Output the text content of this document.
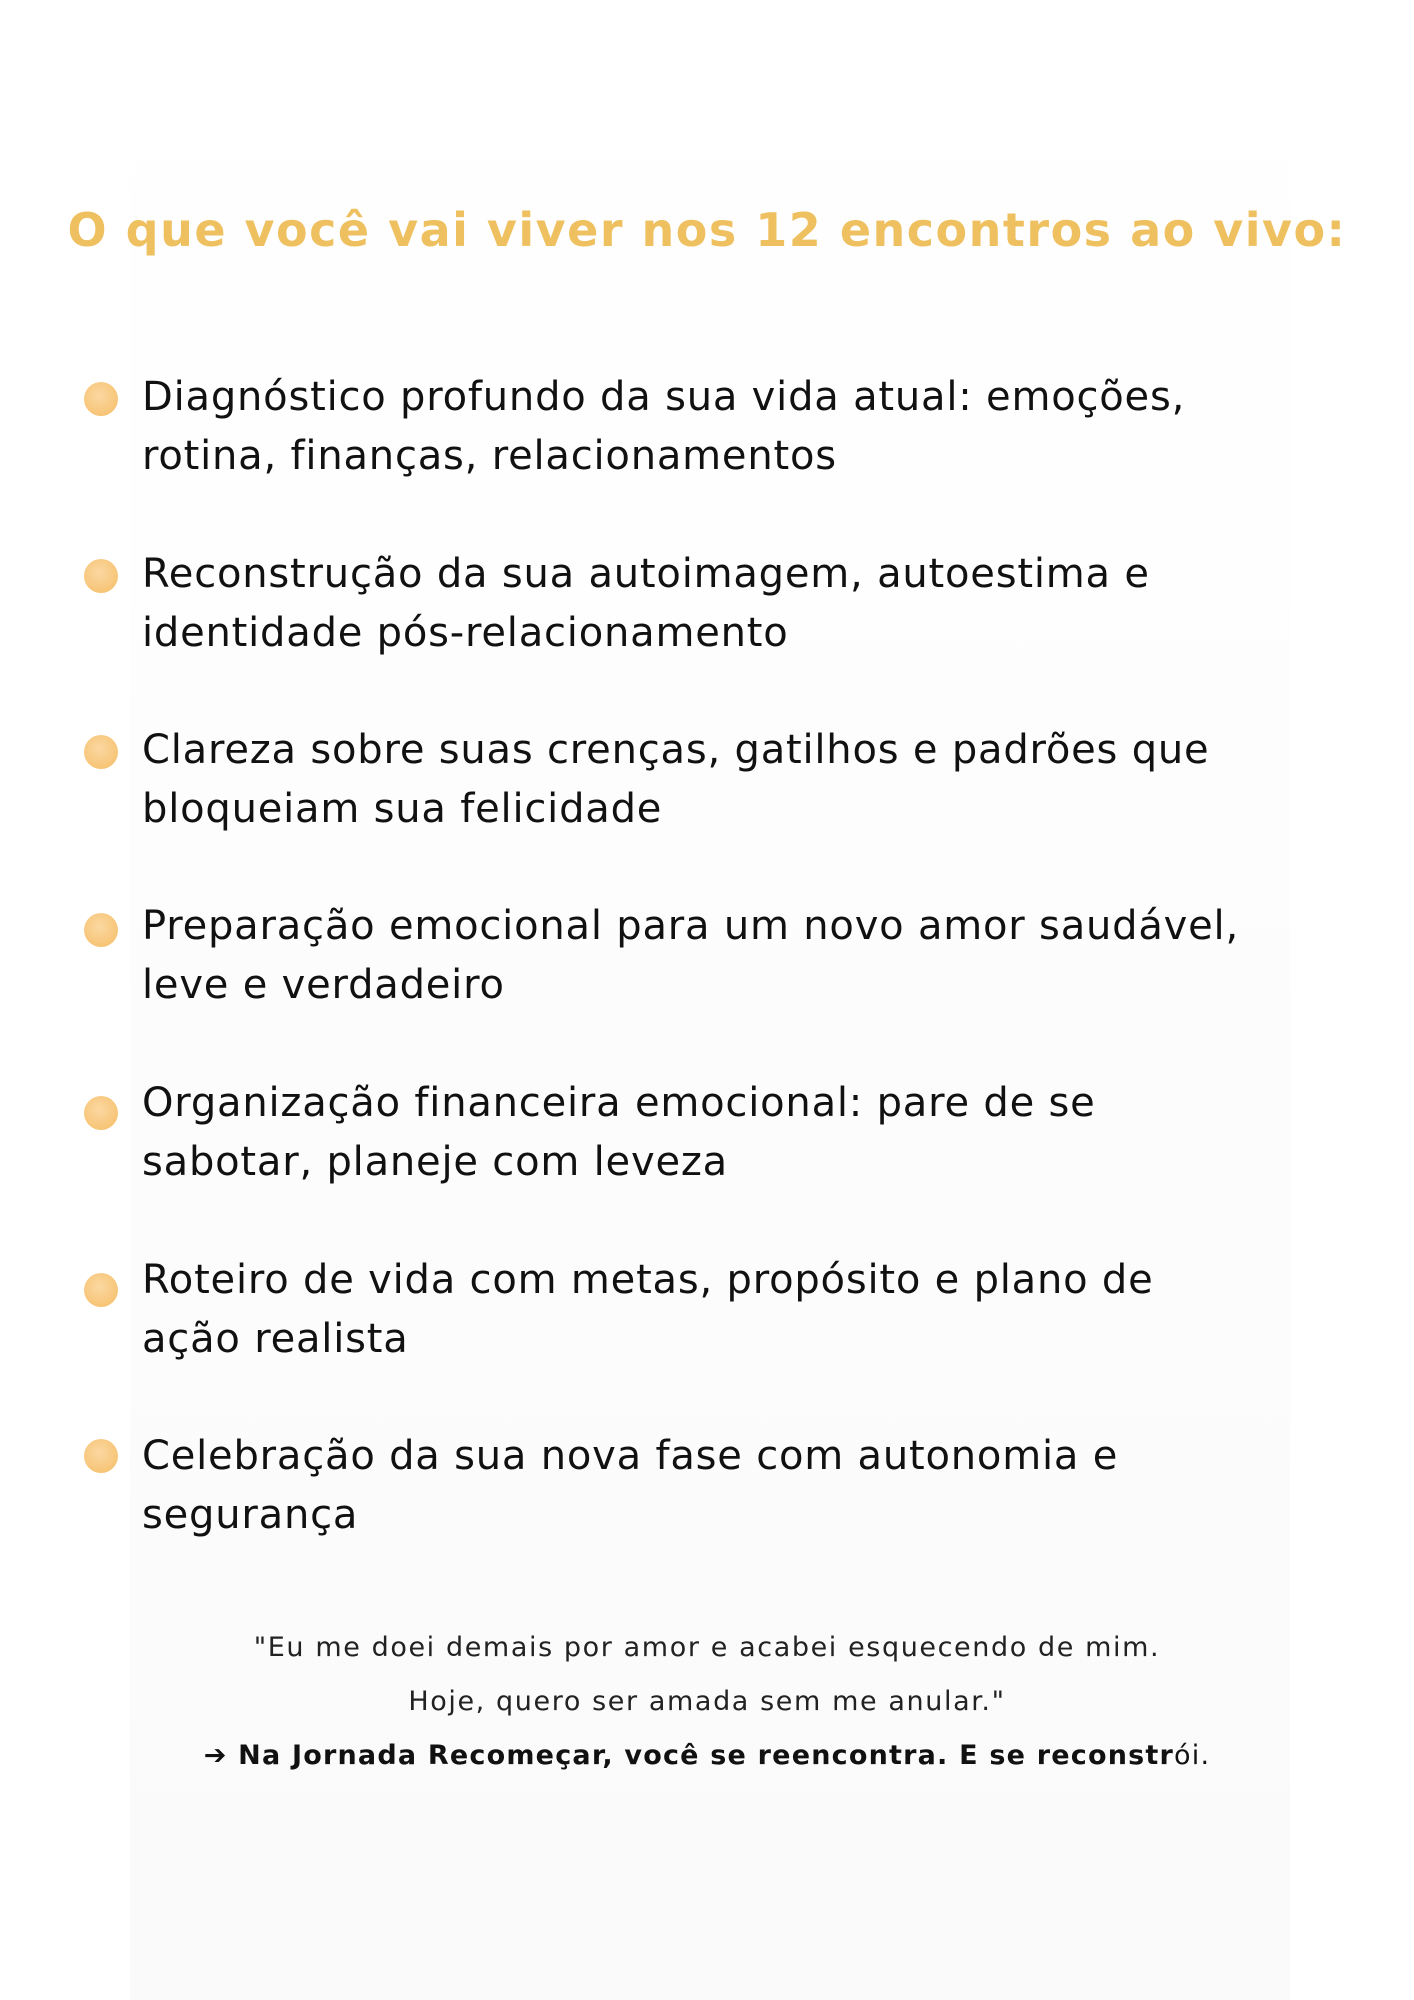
O que você vai viver nos 12 encontros ao vivo:
Diagnóstico profundo da sua vida atual: emoções,
rotina, finanças, relacionamentos
Reconstrução da sua autoimagem, autoestima e
identidade pós-relacionamento
Clareza sobre suas crenças, gatilhos e padrões que
bloqueiam sua felicidade
Preparação emocional para um novo amor saudável,
leve e verdadeiro
Organização financeira emocional: pare de se
sabotar, planeje com leveza
Roteiro de vida com metas, propósito e plano de
ação realista
Celebração da sua nova fase com autonomia e
segurança
"Eu me doei demais por amor e acabei esquecendo de mim.
Hoje, quero ser amada sem me anular."
➔ Na Jornada Recomeçar, você se reencontra. E se reconstrói.
